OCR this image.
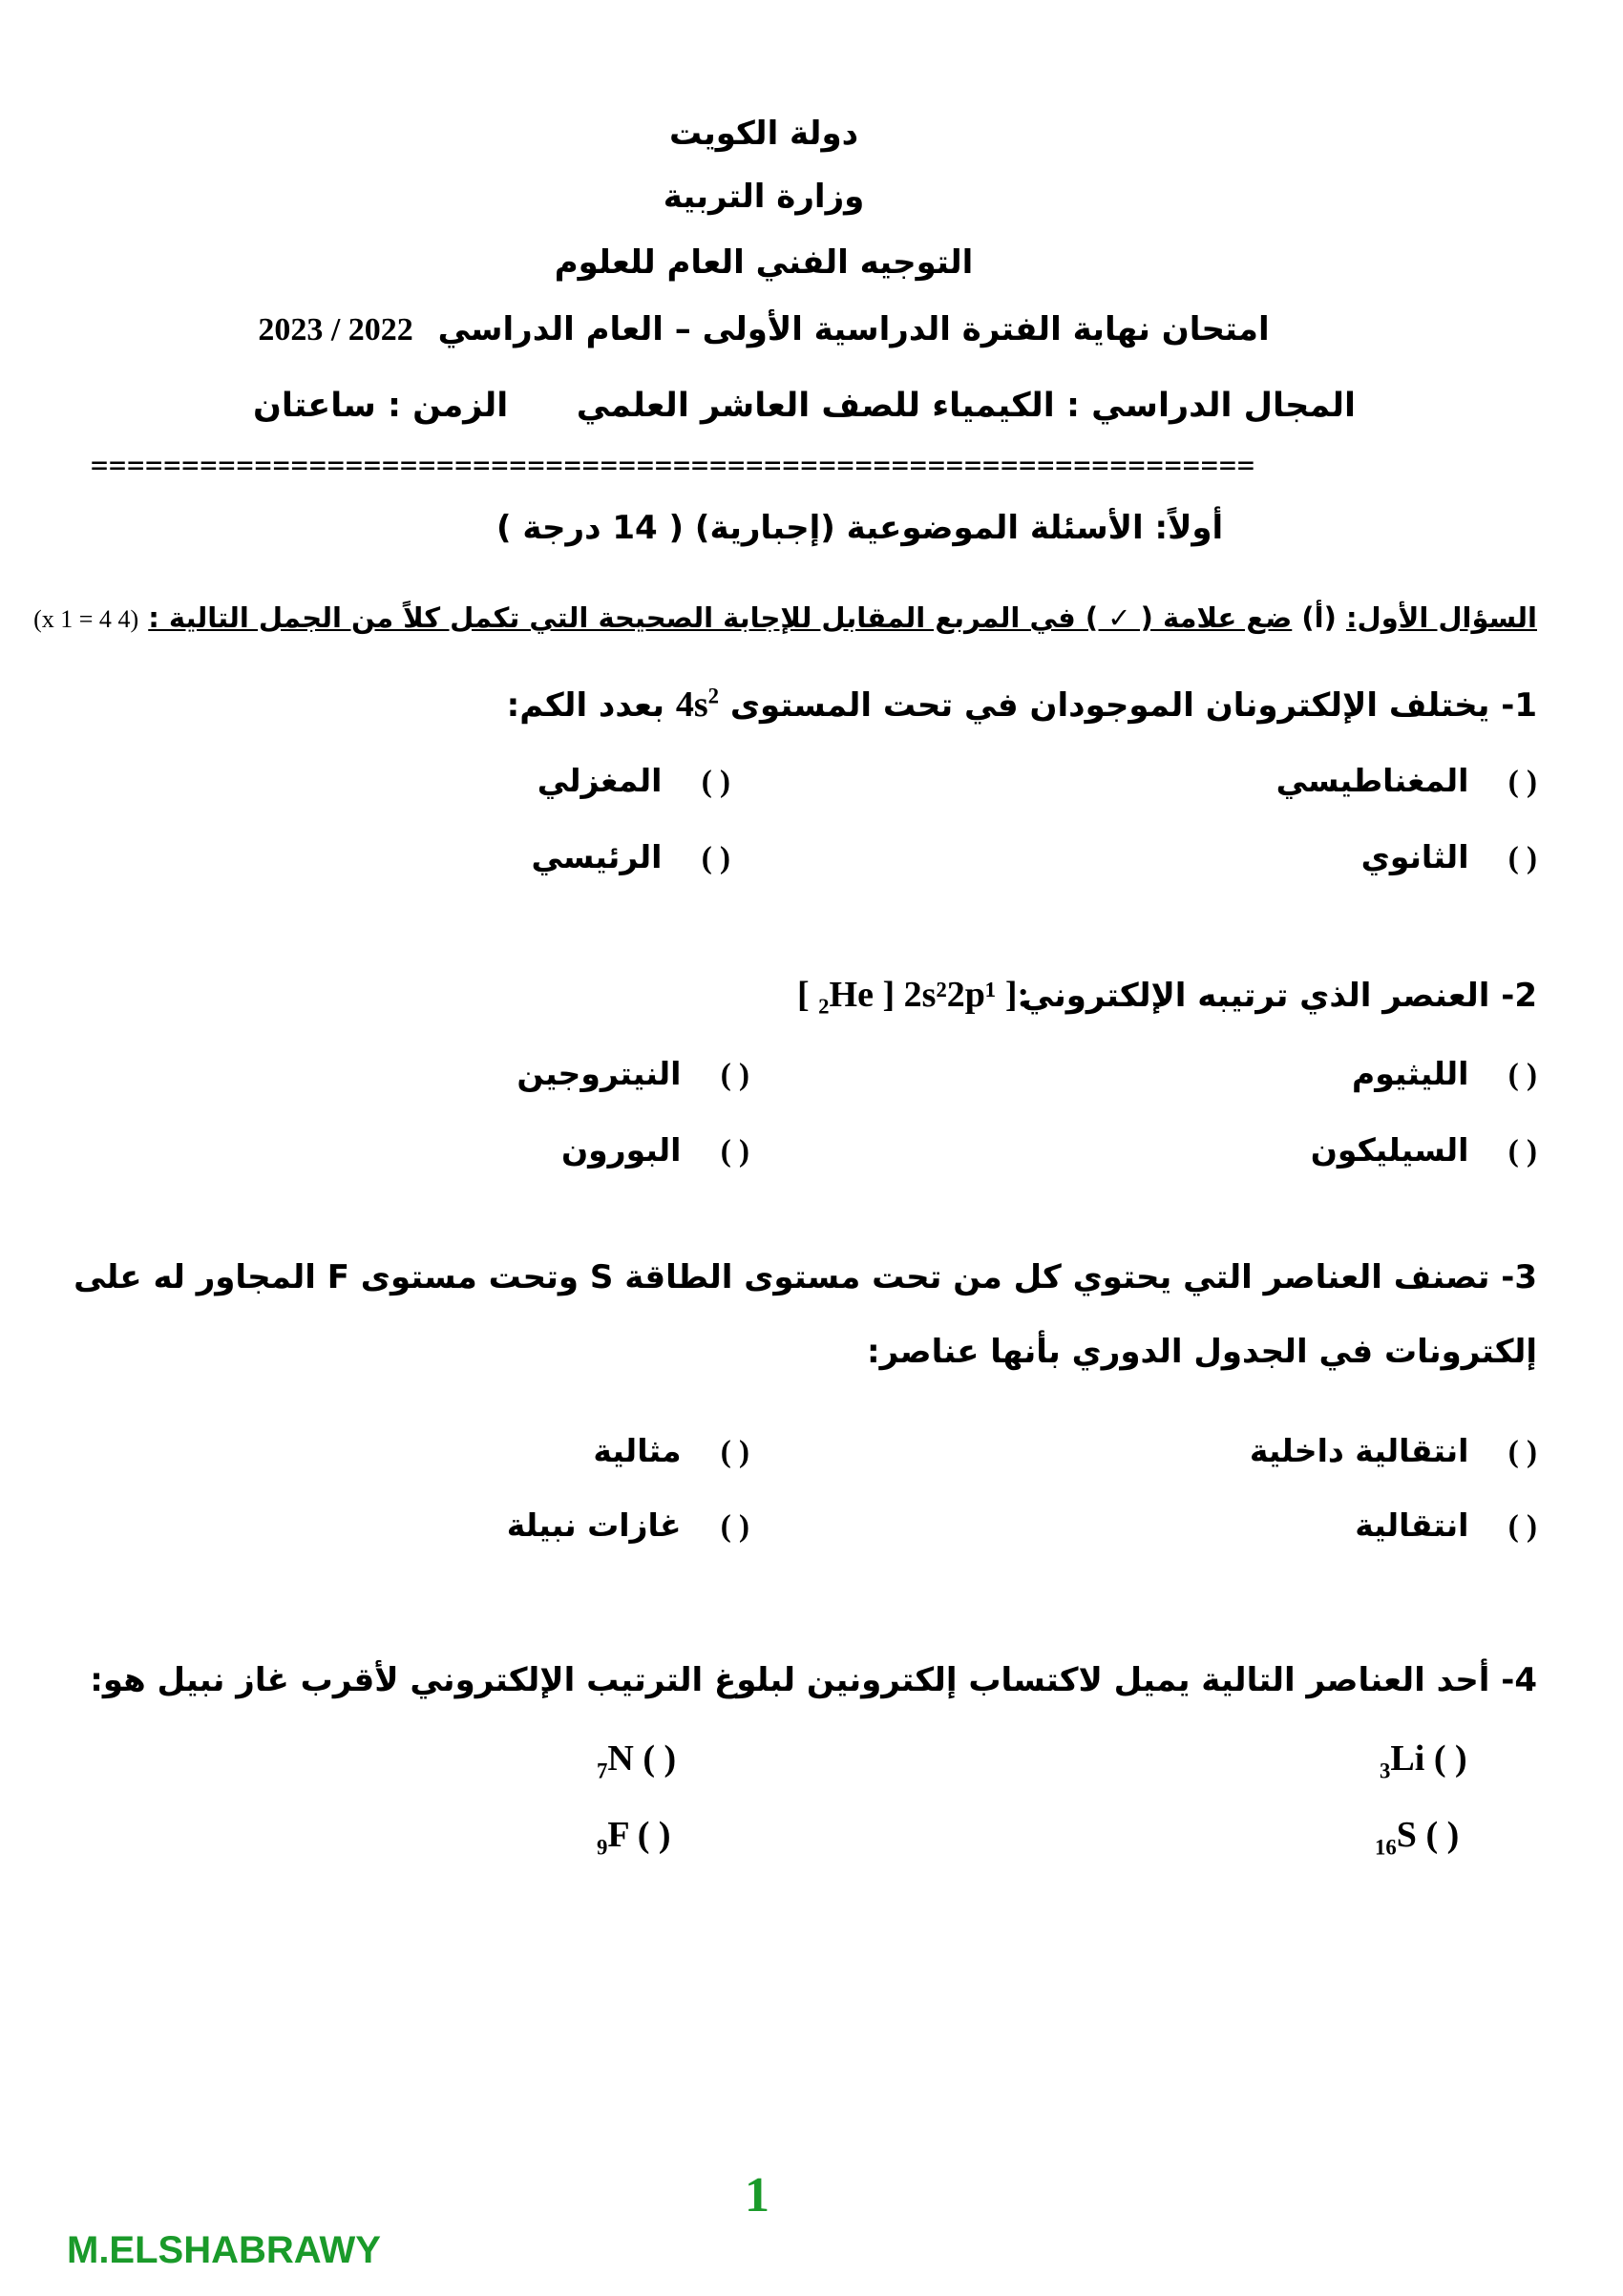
دولة الكويت
وزارة التربية
التوجيه الفني العام للعلوم
امتحان نهاية الفترة الدراسية الأولى – العام الدراسي 2022 / 2023
المجال الدراسي : الكيمياء للصف العاشر العلمي
الزمن : ساعتان
================================================================
أولاً: الأسئلة الموضوعية (إجبارية) ( 14 درجة )
السؤال الأول: (أ) ضع علامة ( ✓ ) في المربع المقابل للإجابة الصحيحة التي تكمل كلاً من الجمل التالية : (4 x 1 = 4)
1- يختلف الإلكترونان الموجودان في تحت المستوى $4s^2$ بعدد الكم:
( ) المغناطيسي
( ) المغزلي
( ) الثانوي
( ) الرئيسي
2- العنصر الذي ترتيبه الإلكتروني
[ ₂He ] 2s²2p¹ ]:
( ) الليثيوم
( ) النيتروجين
( ) السيليكون
( ) البورون
3- تصنف العناصر التي يحتوي كل من تحت مستوى الطاقة S وتحت مستوى F المجاور له على
إلكترونات في الجدول الدوري بأنها عناصر:
( ) انتقالية داخلية
( ) مثالية
( ) انتقالية
( ) غازات نبيلة
4- أحد العناصر التالية يميل لاكتساب إلكترونين لبلوغ الترتيب الإلكتروني لأقرب غاز نبيل هو:
$_3$Li ( )
$_7$N ( )
$_{16}$S ( )
$_9$F ( )
1
M.ELSHABRAWY
